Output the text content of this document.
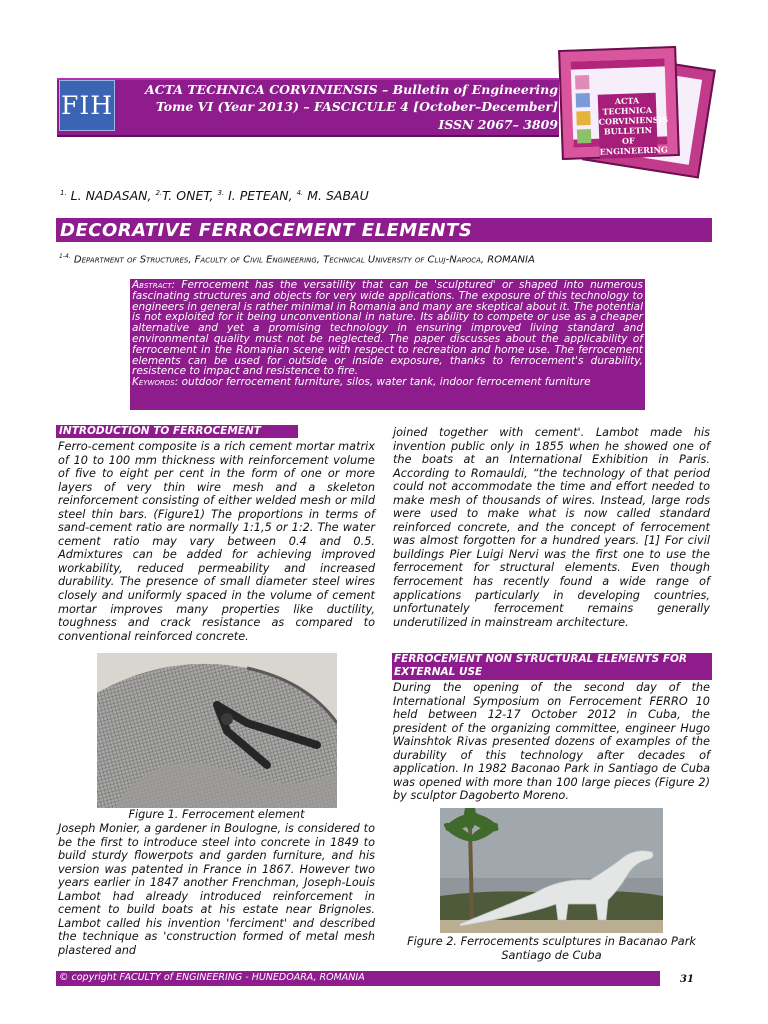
FIH
ACTA TECHNICA CORVINIENSIS – Bulletin of Engineering
Tome VI (Year 2013) – FASCICULE 4 [October–December]
ISSN 2067– 3809
ACTA TECHNICA CORVINIENSIS BULLETIN OF ENGINEERING
$^{1.}$ L. NADASAN, $^{2.}$T. ONET, $^{3.}$ I. PETEAN, $^{4.}$ M. SABAU
DECORATIVE FERROCEMENT ELEMENTS
$^{1-4.}$ Department of Structures, Faculty of Civil Engineering, Technical University of Cluj-Napoca, ROMANIA
Abstract: Ferrocement has the versatility that can be 'sculptured' or shaped into numerous fascinating structures and objects for very wide applications. The exposure of this technology to engineers in general is rather minimal in Romania and many are skeptical about it. The potential is not exploited for it being unconventional in nature. Its ability to compete or use as a cheaper alternative and yet a promising technology in ensuring improved living standard and environmental quality must not be neglected. The paper discusses about the applicability of ferrocement in the Romanian scene with respect to recreation and home use. The ferrocement elements can be used for outside or inside exposure, thanks to ferrocement's durability, resistence to impact and resistence to fire.
Keywords: outdoor ferrocement furniture, silos, water tank, indoor ferrocement furniture
INTRODUCTION TO FERROCEMENT
Ferro-cement composite is a rich cement mortar matrix of 10 to 100 mm thickness with reinforcement volume of five to eight per cent in the form of one or more layers of very thin wire mesh and a skeleton reinforcement consisting of either welded mesh or mild steel thin bars. (Figure1) The proportions in terms of sand-cement ratio are normally 1:1,5 or 1:2. The water cement ratio may vary between 0.4 and 0.5. Admixtures can be added for achieving improved workability, reduced permeability and increased durability. The presence of small diameter steel wires closely and uniformly spaced in the volume of cement mortar improves many properties like ductility, toughness and crack resistance as compared to conventional reinforced concrete.
Figure 1. Ferrocement element
Joseph Monier, a gardener in Boulogne, is considered to be the first to introduce steel into concrete in 1849 to build sturdy flowerpots and garden furniture, and his version was patented in France in 1867. However two years earlier in 1847 another Frenchman, Joseph-Louis Lambot had already introduced reinforcement in cement to build boats at his estate near Brignoles. Lambot called his invention 'ferciment' and described the technique as 'construction formed of metal mesh plastered and
joined together with cement'. Lambot made his invention public only in 1855 when he showed one of the boats at an International Exhibition in Paris. According to Romauldi, “the technology of that period could not accommodate the time and effort needed to make mesh of thousands of wires. Instead, large rods were used to make what is now called standard reinforced concrete, and the concept of ferrocement was almost forgotten for a hundred years. [1] For civil buildings Pier Luigi Nervi was the first one to use the ferrocement for structural elements. Even though ferrocement has recently found a wide range of applications particularly in developing countries, unfortunately ferrocement remains generally underutilized in mainstream architecture.
FERROCEMENT NON STRUCTURAL ELEMENTS FOR EXTERNAL USE
During the opening of the second day of the International Symposium on Ferrocement FERRO 10 held between 12-17 October 2012 in Cuba, the president of the organizing committee, engineer Hugo Wainshtok Rivas presented dozens of examples of the durability of this technology after decades of application. In 1982 Baconao Park in Santiago de Cuba was opened with more than 100 large pieces (Figure 2) by sculptor Dagoberto Moreno.
Figure 2. Ferrocements sculptures in Bacanao Park Santiago de Cuba
© copyright FACULTY of ENGINEERING - HUNEDOARA, ROMANIA	31
